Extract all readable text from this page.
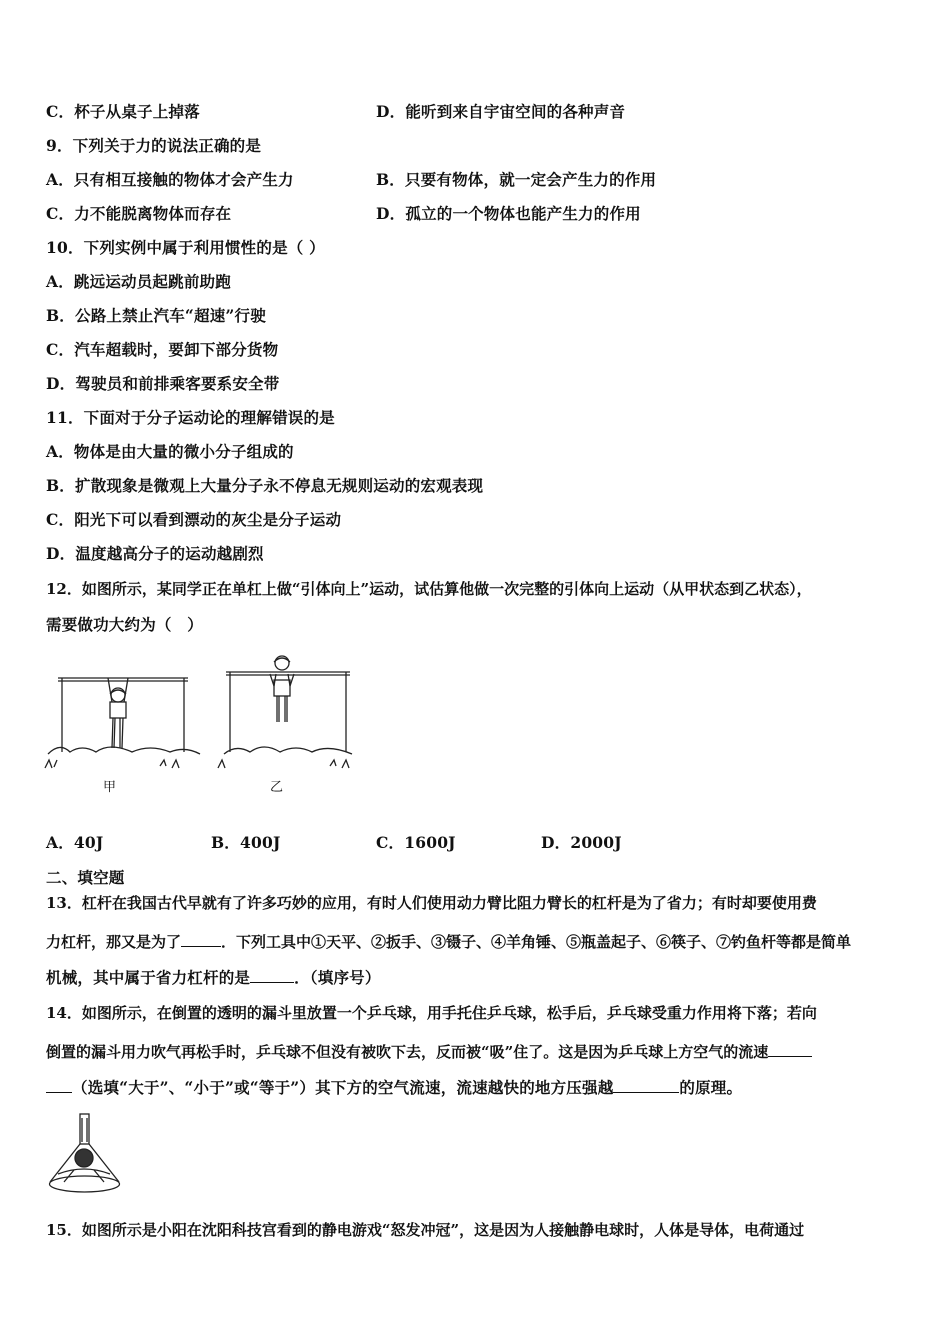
C．杯子从桌子上掉落	D．能听到来自宇宙空间的各种声音
9．下列关于力的说法正确的是
A．只有相互接触的物体才会产生力	B．只要有物体，就一定会产生力的作用
C．力不能脱离物体而存在	D．孤立的一个物体也能产生力的作用
10．下列实例中属于利用惯性的是（ ）
A．跳远运动员起跳前助跑
B．公路上禁止汽车“超速”行驶
C．汽车超载时，要卸下部分货物
D．驾驶员和前排乘客要系安全带
11．下面对于分子运动论的理解错误的是
A．物体是由大量的微小分子组成的
B．扩散现象是微观上大量分子永不停息无规则运动的宏观表现
C．阳光下可以看到漂动的灰尘是分子运动
D．温度越高分子的运动越剧烈
12．如图所示，某同学正在单杠上做“引体向上”运动，试估算他做一次完整的引体向上运动（从甲状态到乙状态），
需要做功大约为（　）
甲	乙
A．40J	B．400J	C．1600J	D．2000J
二、填空题
13．杠杆在我国古代早就有了许多巧妙的应用，有时人们使用动力臂比阻力臂长的杠杆是为了省力；有时却要使用费
力杠杆，那又是为了	．下列工具中①天平、②扳手、③镊子、④羊角锤、⑤瓶盖起子、⑥筷子、⑦钓鱼杆等都是简单
机械，其中属于省力杠杆的是	．（填序号）
14．如图所示，在倒置的透明的漏斗里放置一个乒乓球，用手托住乒乓球，松手后，乒乓球受重力作用将下落；若向
倒置的漏斗用力吹气再松手时，乒乓球不但没有被吹下去，反而被“吸”住了。这是因为乒乓球上方空气的流速
（选填“大于”、“小于”或“等于”）其下方的空气流速，流速越快的地方压强越	的原理。
15．如图所示是小阳在沈阳科技宫看到的静电游戏“怒发冲冠”，这是因为人接触静电球时，人体是导体，电荷通过
